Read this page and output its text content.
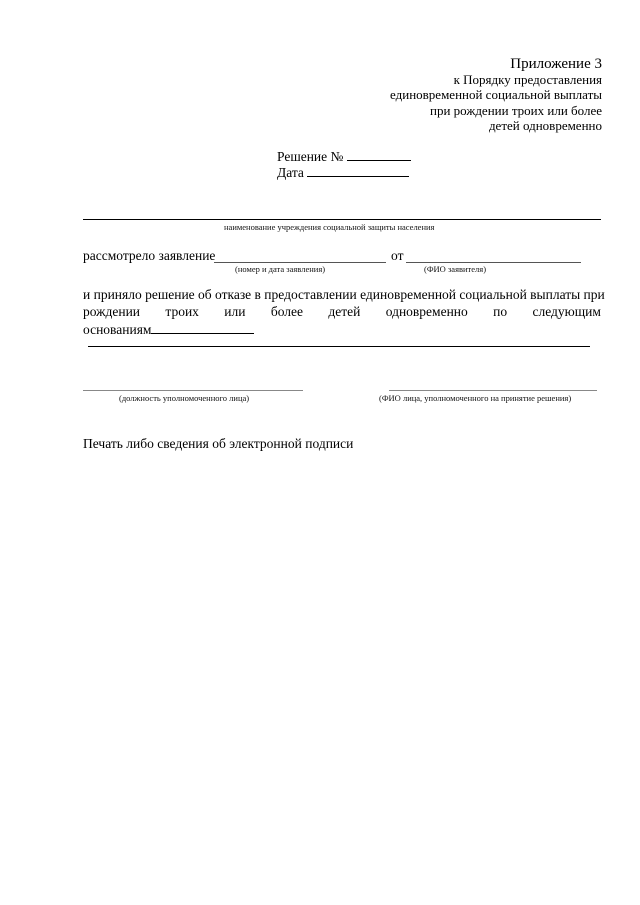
Приложение 3
к Порядку предоставления
единовременной социальной выплаты
при рождении троих или более
детей одновременно
Решение №
Дата
наименование учреждения социальной защиты населения
рассмотрело заявление	от
(номер и дата заявления)	(ФИО заявителя)
и приняло решение об отказе в предоставлении единовременной социальной выплаты при
рождении троих или более детей одновременно по следующим
основаниям
(должность уполномоченного лица)	(ФИО лица, уполномоченного на принятие решения)
Печать либо сведения об электронной подписи
